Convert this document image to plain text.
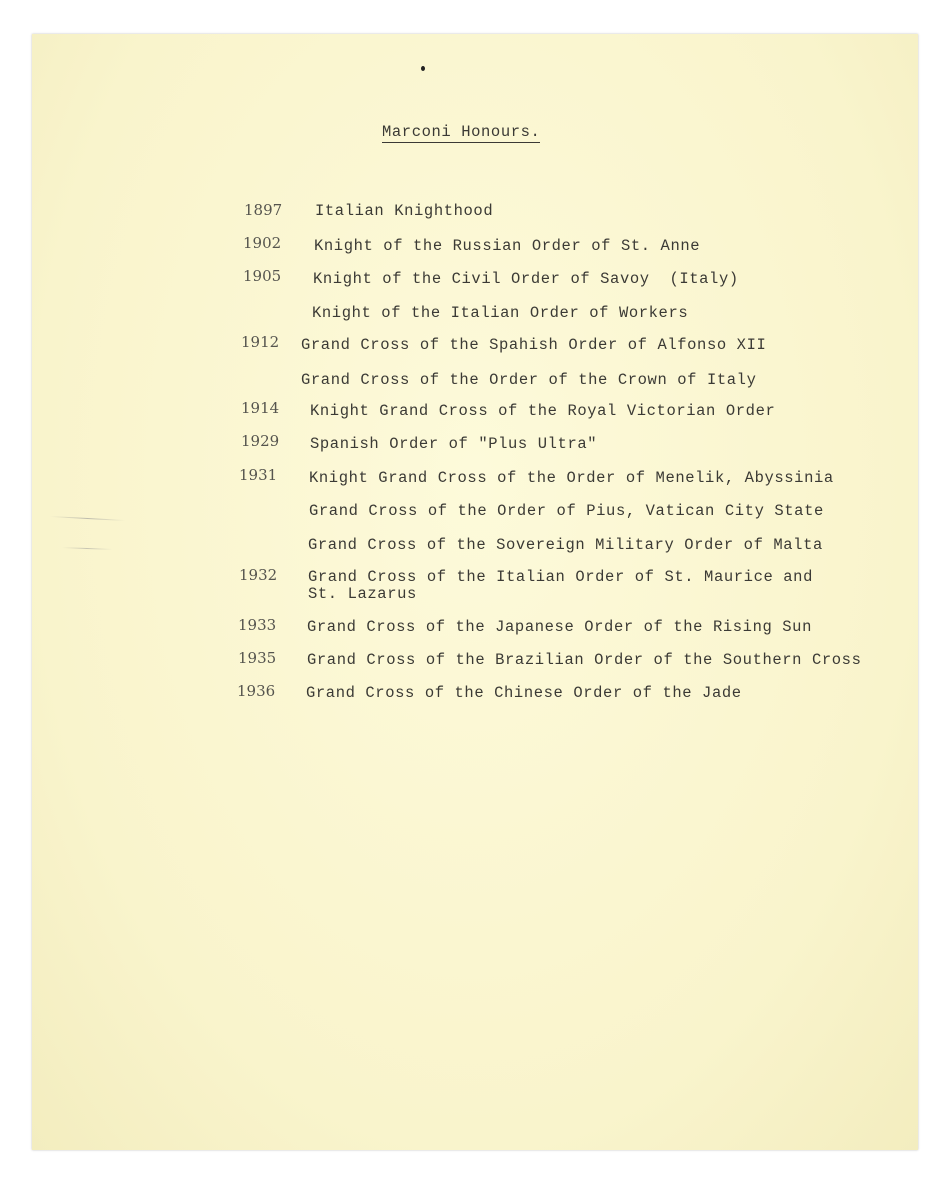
Marconi Honours.
1897 Italian Knighthood
1902 Knight of the Russian Order of St. Anne
1905 Knight of the Civil Order of Savoy  (Italy)
Knight of the Italian Order of Workers
1912 Grand Cross of the Spahish Order of Alfonso XII
Grand Cross of the Order of the Crown of Italy
1914 Knight Grand Cross of the Royal Victorian Order
1929 Spanish Order of "Plus Ultra"
1931 Knight Grand Cross of the Order of Menelik, Abyssinia
Grand Cross of the Order of Pius, Vatican City State
Grand Cross of the Sovereign Military Order of Malta
1932 Grand Cross of the Italian Order of St. Maurice and
St. Lazarus
1933 Grand Cross of the Japanese Order of the Rising Sun
1935 Grand Cross of the Brazilian Order of the Southern Cross
1936 Grand Cross of the Chinese Order of the Jade
